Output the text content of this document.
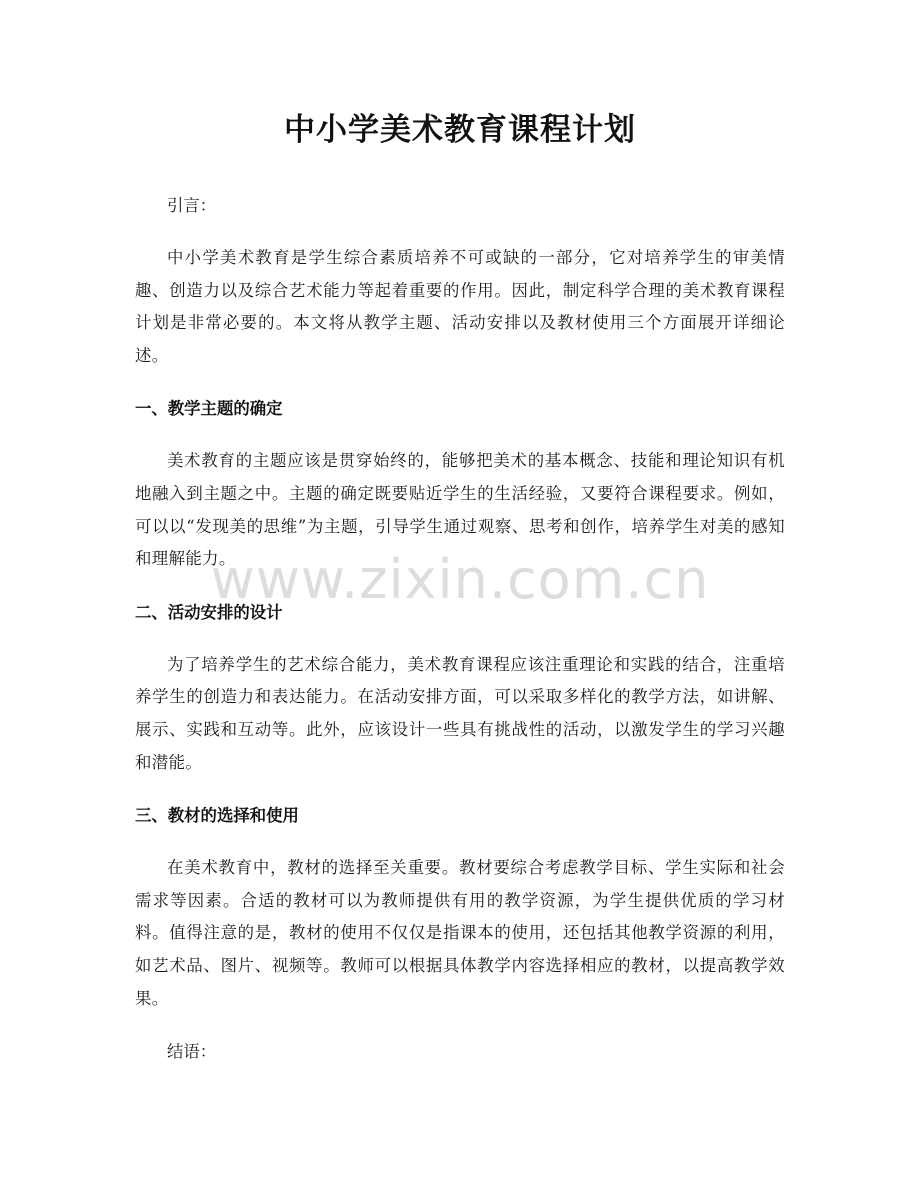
中小学美术教育课程计划

引言：

中小学美术教育是学生综合素质培养不可或缺的一部分，它对培养学生的审美情趣、创造力以及综合艺术能力等起着重要的作用。因此，制定科学合理的美术教育课程计划是非常必要的。本文将从教学主题、活动安排以及教材使用三个方面展开详细论述。

一、教学主题的确定

美术教育的主题应该是贯穿始终的，能够把美术的基本概念、技能和理论知识有机地融入到主题之中。主题的确定既要贴近学生的生活经验，又要符合课程要求。例如，可以以“发现美的思维”为主题，引导学生通过观察、思考和创作，培养学生对美的感知和理解能力。

二、活动安排的设计

为了培养学生的艺术综合能力，美术教育课程应该注重理论和实践的结合，注重培养学生的创造力和表达能力。在活动安排方面，可以采取多样化的教学方法，如讲解、展示、实践和互动等。此外，应该设计一些具有挑战性的活动，以激发学生的学习兴趣和潜能。

三、教材的选择和使用

在美术教育中，教材的选择至关重要。教材要综合考虑教学目标、学生实际和社会需求等因素。合适的教材可以为教师提供有用的教学资源，为学生提供优质的学习材料。值得注意的是，教材的使用不仅仅是指课本的使用，还包括其他教学资源的利用，如艺术品、图片、视频等。教师可以根据具体教学内容选择相应的教材，以提高教学效果。

结语：

www.zixin.com.cn
